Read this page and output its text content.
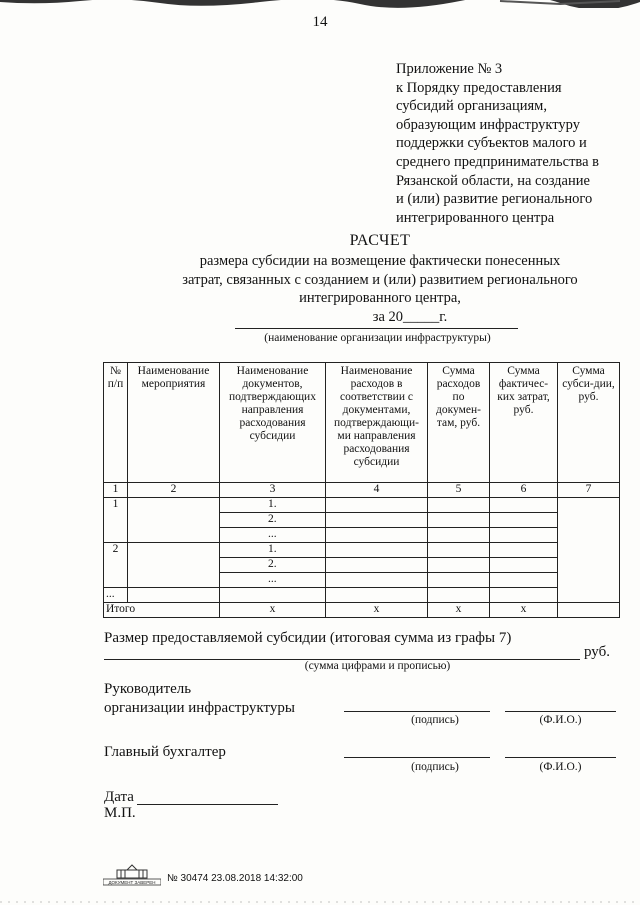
14
Приложение № 3
к Порядку предоставления
субсидий организациям,
образующим инфраструктуру
поддержки субъектов малого и
среднего предпринимательства в
Рязанской области, на создание
и (или) развитие регионального
интегрированного центра
РАСЧЕТ
размера субсидии на возмещение фактически понесенных
затрат, связанных с созданием и (или) развитием регионального
интегрированного центра,
за 20_____г.
(наименование организации инфраструктуры)
№ п/п	Наименование мероприятия	Наименование документов, подтверждающих направления расходования субсидии	Наименование расходов в соответствии с документами, подтверждающи-ми направления расходования субсидии	Сумма расходов по докумен-там, руб.	Сумма фактичес-ких затрат, руб.	Сумма субси-дии, руб.
1	2	3	4	5	6	7
1		1.				
		2.				
		...				
2		1.				
		2.				
		...				
...						
Итого		x	x	x	x	
Размер предоставляемой субсидии (итоговая сумма из графы 7)
руб.
(сумма цифрами и прописью)
Руководитель
организации инфраструктуры
(подпись)	(Ф.И.О.)
Главный бухгалтер
(подпись)	(Ф.И.О.)
Дата
М.П.
ДОКУМЕНТ ЗАВЕРЕН № 30474 23.08.2018 14:32:00
